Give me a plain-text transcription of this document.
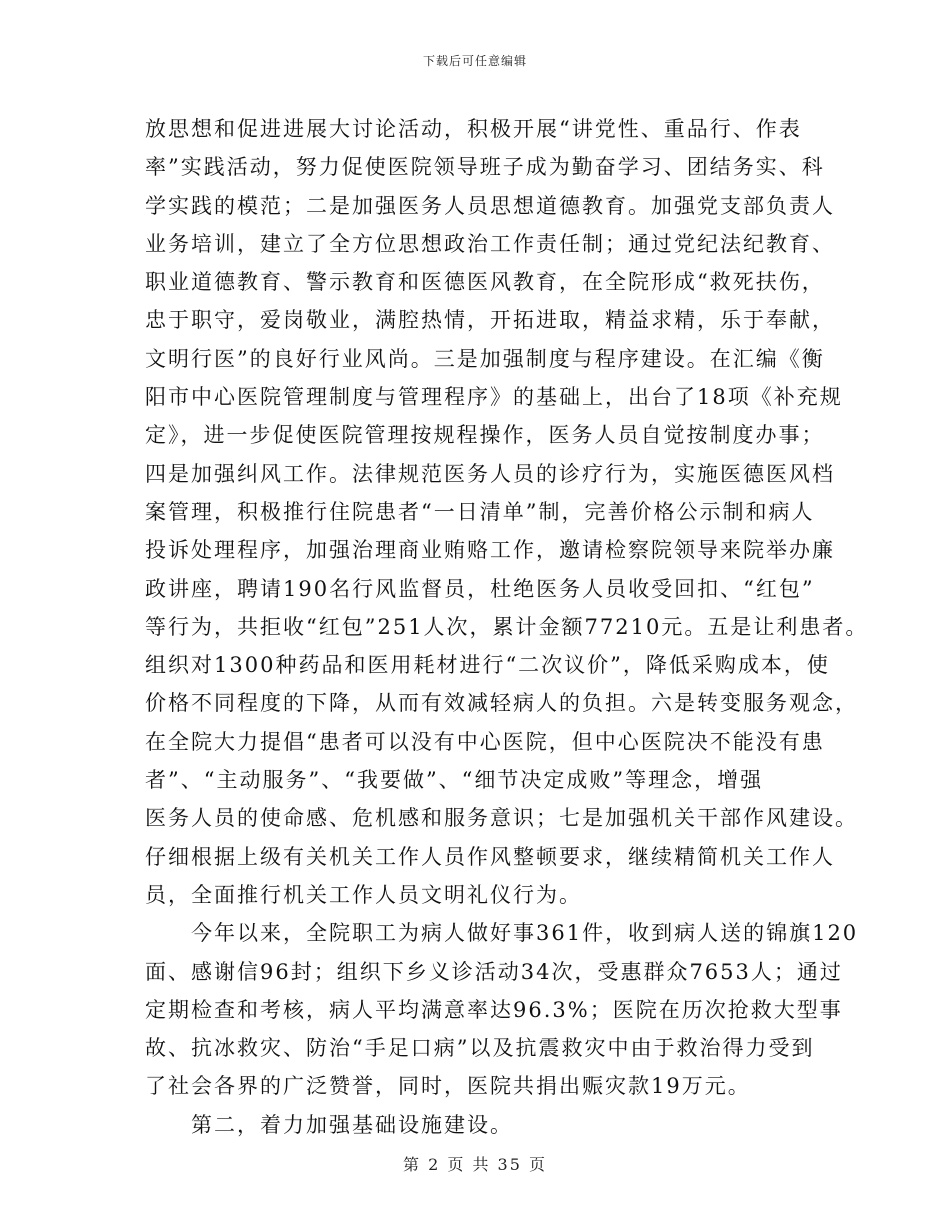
下载后可任意编辑
放思想和促进进展大讨论活动，积极开展“讲党性、重品行、作表
率”实践活动，努力促使医院领导班子成为勤奋学习、团结务实、科
学实践的模范；二是加强医务人员思想道德教育。加强党支部负责人
业务培训，建立了全方位思想政治工作责任制；通过党纪法纪教育、
职业道德教育、警示教育和医德医风教育，在全院形成“救死扶伤，
忠于职守，爱岗敬业，满腔热情，开拓进取，精益求精，乐于奉献，
文明行医”的良好行业风尚。三是加强制度与程序建设。在汇编《衡
阳市中心医院管理制度与管理程序》的基础上，出台了18项《补充规
定》，进一步促使医院管理按规程操作，医务人员自觉按制度办事；
四是加强纠风工作。法律规范医务人员的诊疗行为，实施医德医风档
案管理，积极推行住院患者“一日清单”制，完善价格公示制和病人
投诉处理程序，加强治理商业贿赂工作，邀请检察院领导来院举办廉
政讲座，聘请190名行风监督员，杜绝医务人员收受回扣、“红包”
等行为，共拒收“红包”251人次，累计金额77210元。五是让利患者。
组织对1300种药品和医用耗材进行“二次议价”，降低采购成本，使
价格不同程度的下降，从而有效减轻病人的负担。六是转变服务观念，
在全院大力提倡“患者可以没有中心医院，但中心医院决不能没有患
者”、“主动服务”、“我要做”、“细节决定成败”等理念，增强
医务人员的使命感、危机感和服务意识；七是加强机关干部作风建设。
仔细根据上级有关机关工作人员作风整顿要求，继续精简机关工作人
员，全面推行机关工作人员文明礼仪行为。
　　今年以来，全院职工为病人做好事361件，收到病人送的锦旗120
面、感谢信96封；组织下乡义诊活动34次，受惠群众7653人；通过
定期检查和考核，病人平均满意率达96.3%；医院在历次抢救大型事
故、抗冰救灾、防治“手足口病”以及抗震救灾中由于救治得力受到
了社会各界的广泛赞誉，同时，医院共捐出赈灾款19万元。
　　第二，着力加强基础设施建设。
第 2 页 共 35 页
